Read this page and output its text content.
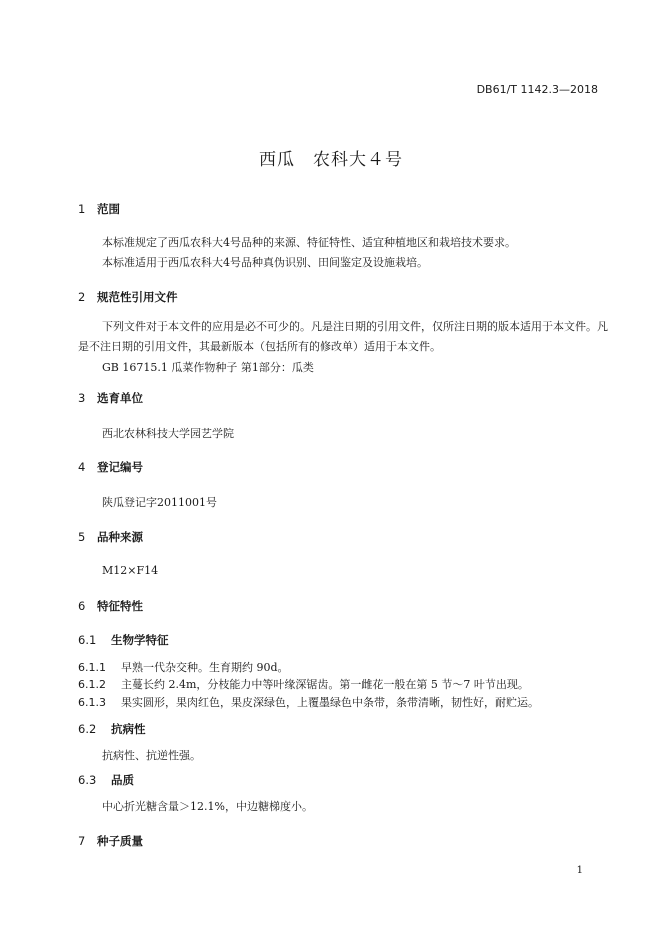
DB61/T 1142.3—2018
西瓜　农科大４号
1 范围
本标准规定了西瓜农科大4号品种的来源、特征特性、适宜种植地区和栽培技术要求。
本标准适用于西瓜农科大4号品种真伪识别、田间鉴定及设施栽培。
2 规范性引用文件
下列文件对于本文件的应用是必不可少的。凡是注日期的引用文件，仅所注日期的版本适用于本文件。凡是不注日期的引用文件，其最新版本（包括所有的修改单）适用于本文件。
GB 16715.1 瓜菜作物种子 第1部分：瓜类
3 选育单位
西北农林科技大学园艺学院
4 登记编号
陕瓜登记字2011001号
5 品种来源
M12×F14
6 特征特性
6.1 生物学特征
6.1.1 早熟一代杂交种。生育期约 90d。
6.1.2 主蔓长约 2.4m，分枝能力中等叶缘深锯齿。第一雌花一般在第 5 节～7 叶节出现。
6.1.3 果实圆形，果肉红色，果皮深绿色，上覆墨绿色中条带，条带清晰，韧性好，耐贮运。
6.2 抗病性
抗病性、抗逆性强。
6.3 品质
中心折光糖含量＞12.1%，中边糖梯度小。
7 种子质量
1
